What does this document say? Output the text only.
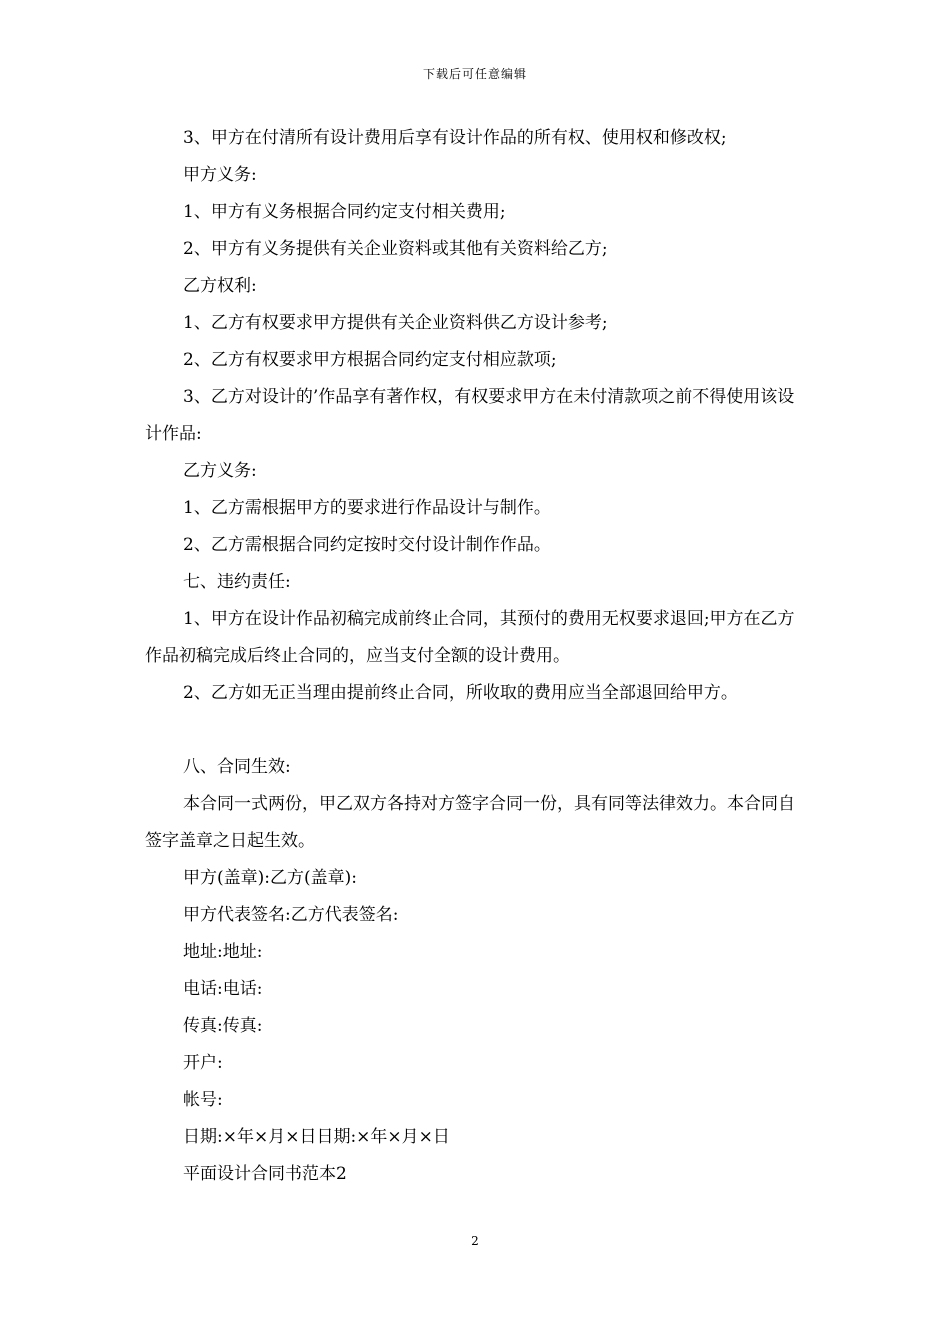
下载后可任意编辑

3、甲方在付清所有设计费用后享有设计作品的所有权、使用权和修改权;

甲方义务:

1、甲方有义务根据合同约定支付相关费用;

2、甲方有义务提供有关企业资料或其他有关资料给乙方;

乙方权利:

1、乙方有权要求甲方提供有关企业资料供乙方设计参考;

2、乙方有权要求甲方根据合同约定支付相应款项;

3、乙方对设计的’作品享有著作权，有权要求甲方在未付清款项之前不得使用该设计作品:

乙方义务:

1、乙方需根据甲方的要求进行作品设计与制作。

2、乙方需根据合同约定按时交付设计制作作品。

七、违约责任:

1、甲方在设计作品初稿完成前终止合同，其预付的费用无权要求退回;甲方在乙方作品初稿完成后终止合同的，应当支付全额的设计费用。

2、乙方如无正当理由提前终止合同，所收取的费用应当全部退回给甲方。

八、合同生效:

本合同一式两份，甲乙双方各持对方签字合同一份，具有同等法律效力。本合同自签字盖章之日起生效。

甲方(盖章):乙方(盖章):

甲方代表签名:乙方代表签名:

地址:地址:

电话:电话:

传真:传真:

开户:

帐号:

日期:×年×月×日日期:×年×月×日

平面设计合同书范本2

2
